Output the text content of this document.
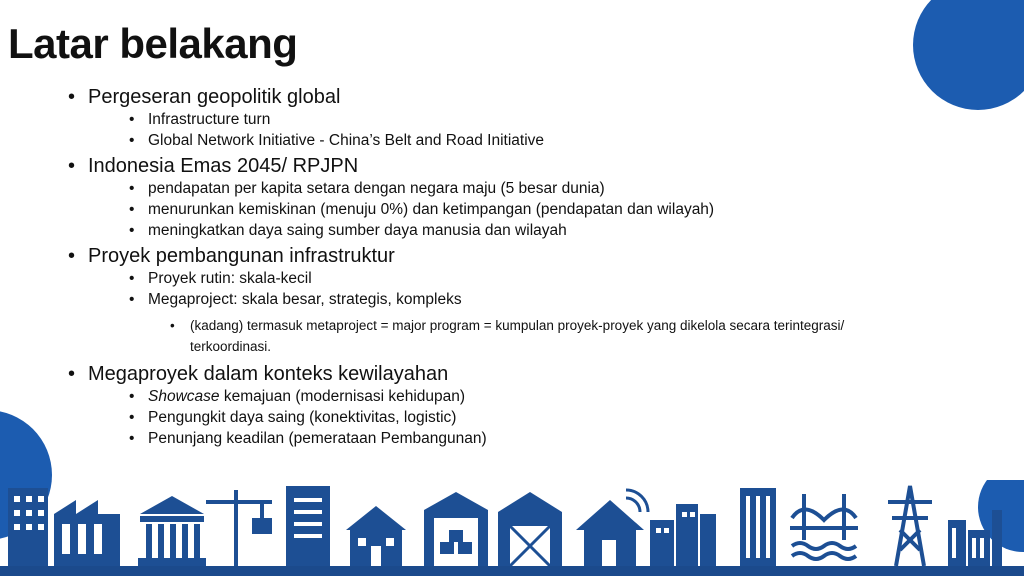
Latar belakang
• Pergeseran geopolitik global
• Infrastructure turn
• Global Network Initiative - China’s Belt and Road Initiative
• Indonesia Emas 2045/ RPJPN
• pendapatan per kapita setara dengan negara maju (5 besar dunia)
• menurunkan kemiskinan (menuju 0%) dan ketimpangan (pendapatan dan wilayah)
• meningkatkan daya saing sumber daya manusia dan wilayah
• Proyek pembangunan infrastruktur
• Proyek rutin: skala-kecil
• Megaproject: skala besar, strategis, kompleks
• (kadang) termasuk metaproject = major program = kumpulan proyek-proyek yang dikelola secara terintegrasi/ terkoordinasi.
• Megaproyek dalam konteks kewilayahan
• Showcase kemajuan (modernisasi kehidupan)
• Pengungkit daya saing (konektivitas, logistic)
• Penunjang keadilan (pemerataan Pembangunan)
